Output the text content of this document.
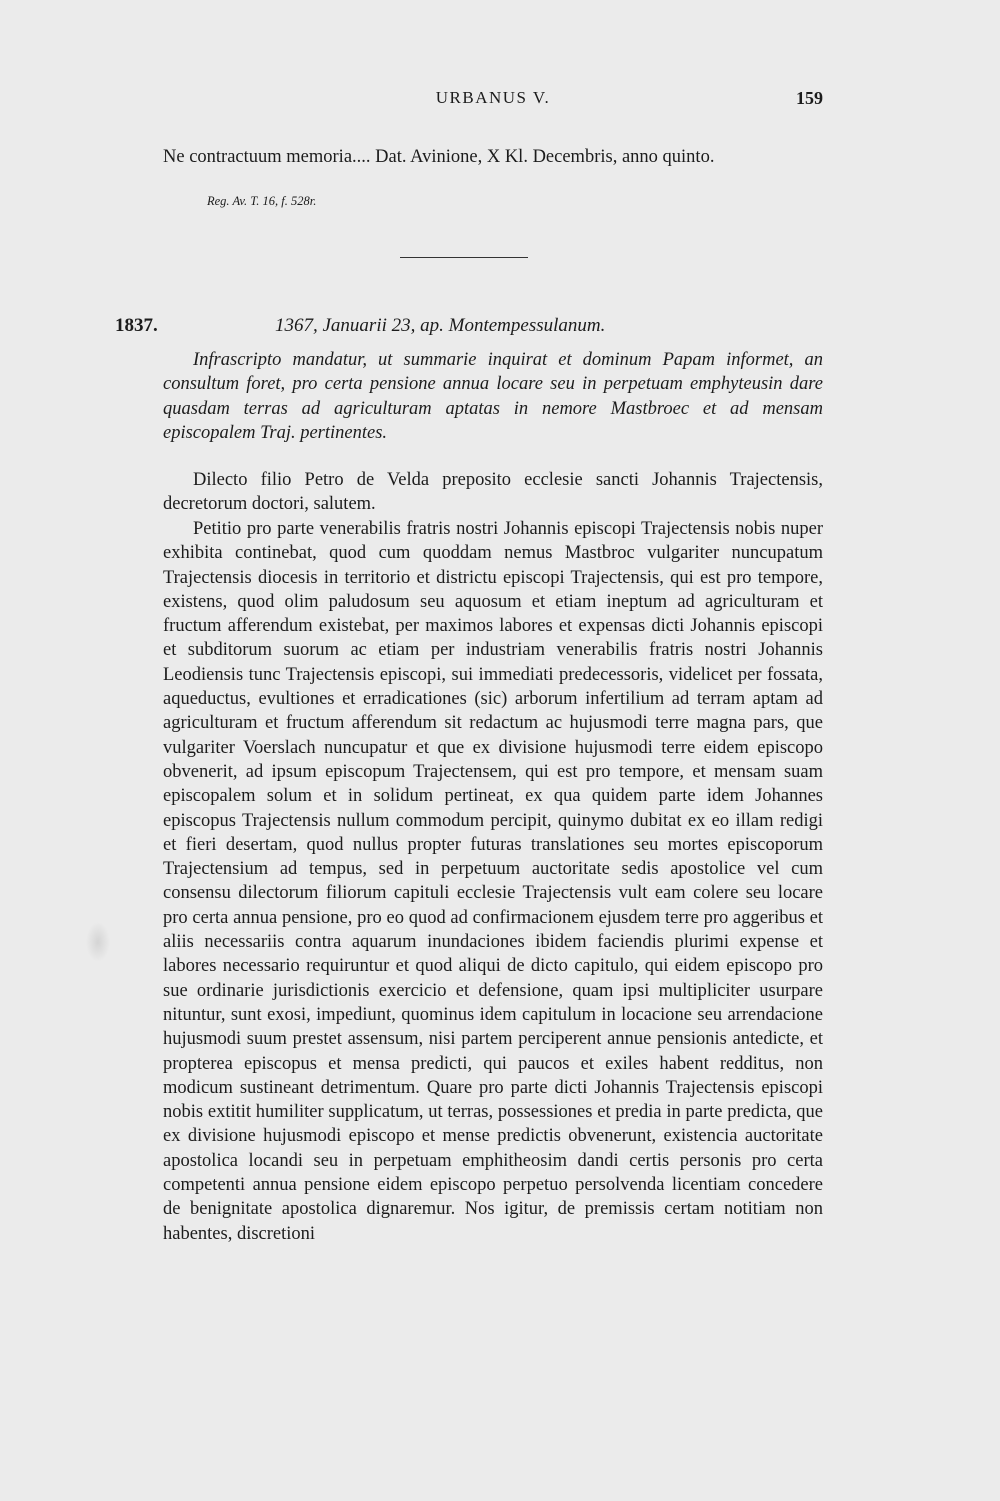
URBANUS V.	159
Ne contractuum memoria.... Dat. Avinione, X Kl. Decembris, anno quinto.
Reg. Av. T. 16, f. 528r.
1837.	1367, Januarii 23, ap. Montempessulanum.
Infrascripto mandatur, ut summarie inquirat et dominum Papam informet, an consultum foret, pro certa pensione annua locare seu in perpetuam emphyteusin dare quasdam terras ad agriculturam aptatas in nemore Mastbroec et ad mensam episcopalem Traj. pertinentes.
Dilecto filio Petro de Velda preposito ecclesie sancti Johannis Trajectensis, decretorum doctori, salutem.
Petitio pro parte venerabilis fratris nostri Johannis episcopi Trajectensis nobis nuper exhibita continebat, quod cum quoddam nemus Mastbroc vulgariter nuncupatum Trajectensis diocesis in territorio et districtu episcopi Trajectensis, qui est pro tempore, existens, quod olim paludosum seu aquosum et etiam ineptum ad agriculturam et fructum afferendum existebat, per maximos labores et expensas dicti Johannis episcopi et subditorum suorum ac etiam per industriam venerabilis fratris nostri Johannis Leodiensis tunc Trajectensis episcopi, sui immediati predecessoris, videlicet per fossata, aqueductus, evultiones et erradicationes (sic) arborum infertilium ad terram aptam ad agriculturam et fructum afferendum sit redactum ac hujusmodi terre magna pars, que vulgariter Voerslach nuncupatur et que ex divisione hujusmodi terre eidem episcopo obvenerit, ad ipsum episcopum Trajectensem, qui est pro tempore, et mensam suam episcopalem solum et in solidum pertineat, ex qua quidem parte idem Johannes episcopus Trajectensis nullum commodum percipit, quinymo dubitat ex eo illam redigi et fieri desertam, quod nullus propter futuras translationes seu mortes episcoporum Trajectensium ad tempus, sed in perpetuum auctoritate sedis apostolice vel cum consensu dilectorum filiorum capituli ecclesie Trajectensis vult eam colere seu locare pro certa annua pensione, pro eo quod ad confirmacionem ejusdem terre pro aggeribus et aliis necessariis contra aquarum inundaciones ibidem faciendis plurimi expense et labores necessario requiruntur et quod aliqui de dicto capitulo, qui eidem episcopo pro sue ordinarie jurisdictionis exercicio et defensione, quam ipsi multipliciter usurpare nituntur, sunt exosi, impediunt, quominus idem capitulum in locacione seu arrendacione hujusmodi suum prestet assensum, nisi partem perciperent annue pensionis antedicte, et propterea episcopus et mensa predicti, qui paucos et exiles habent redditus, non modicum sustineant detrimentum. Quare pro parte dicti Johannis Trajectensis episcopi nobis extitit humiliter supplicatum, ut terras, possessiones et predia in parte predicta, que ex divisione hujusmodi episcopo et mense predictis obvenerunt, existencia auctoritate apostolica locandi seu in perpetuam emphitheosim dandi certis personis pro certa competenti annua pensione eidem episcopo perpetuo persolvenda licentiam concedere de benignitate apostolica dignaremur. Nos igitur, de premissis certam notitiam non habentes, discretioni
